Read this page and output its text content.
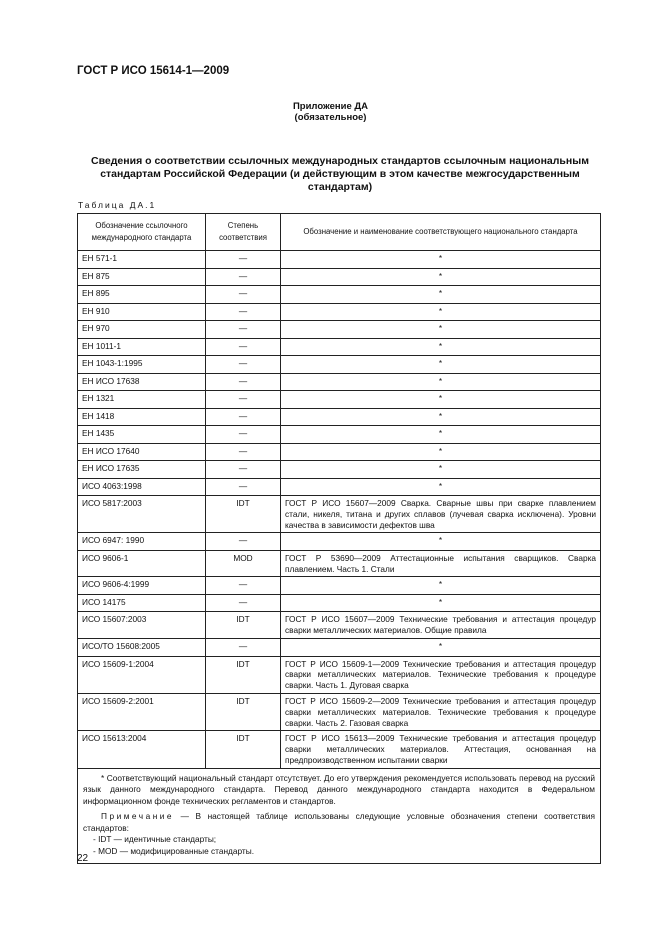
ГОСТ Р ИСО 15614-1—2009
Приложение ДА
(обязательное)
Сведения о соответствии ссылочных международных стандартов ссылочным национальным стандартам Российской Федерации (и действующим в этом качестве межгосударственным стандартам)
Таблица ДА.1
Обозначение ссылочного международного стандарта	Степень соответствия	Обозначение и наименование соответствующего национального стандарта
ЕН 571-1	—	*
ЕН 875	—	*
ЕН 895	—	*
ЕН 910	—	*
ЕН 970	—	*
ЕН 1011-1	—	*
ЕН 1043-1:1995	—	*
ЕН ИСО 17638	—	*
ЕН 1321	—	*
ЕН 1418	—	*
ЕН 1435	—	*
ЕН ИСО 17640	—	*
ЕН ИСО 17635	—	*
ИСО 4063:1998	—	*
ИСО 5817:2003	IDT	ГОСТ Р ИСО 15607—2009 Сварка. Сварные швы при сварке плавлением стали, никеля, титана и других сплавов (лучевая сварка исключена). Уровни качества в зависимости дефектов шва
ИСО 6947: 1990	—	*
ИСО 9606-1	MOD	ГОСТ Р 53690—2009 Аттестационные испытания сварщиков. Сварка плавлением. Часть 1. Стали
ИСО 9606-4:1999	—	*
ИСО 14175	—	*
ИСО 15607:2003	IDT	ГОСТ Р ИСО 15607—2009 Технические требования и аттестация процедур сварки металлических материалов. Общие правила
ИСО/ТО 15608:2005	—	*
ИСО 15609-1:2004	IDT	ГОСТ Р ИСО 15609-1—2009 Технические требования и аттестация процедур сварки металлических материалов. Технические требования к процедуре сварки. Часть 1. Дуговая сварка
ИСО 15609-2:2001	IDT	ГОСТ Р ИСО 15609-2—2009 Технические требования и аттестация процедур сварки металлических материалов. Технические требования к процедуре сварки. Часть 2. Газовая сварка
ИСО 15613:2004	IDT	ГОСТ Р ИСО 15613—2009 Технические требования и аттестация процедур сварки металлических материалов. Аттестация, основанная на предпроизводственном испытании сварки

* Соответствующий национальный стандарт отсутствует. До его утверждения рекомендуется использовать перевод на русский язык данного международного стандарта. Перевод данного международного стандарта находится в Федеральном информационном фонде технических регламентов и стандартов.

Примечание — В настоящей таблице использованы следующие условные обозначения степени соответствия стандартов:

- IDT — идентичные стандарты;

- MOD — модифицированные стандарты.		

22
